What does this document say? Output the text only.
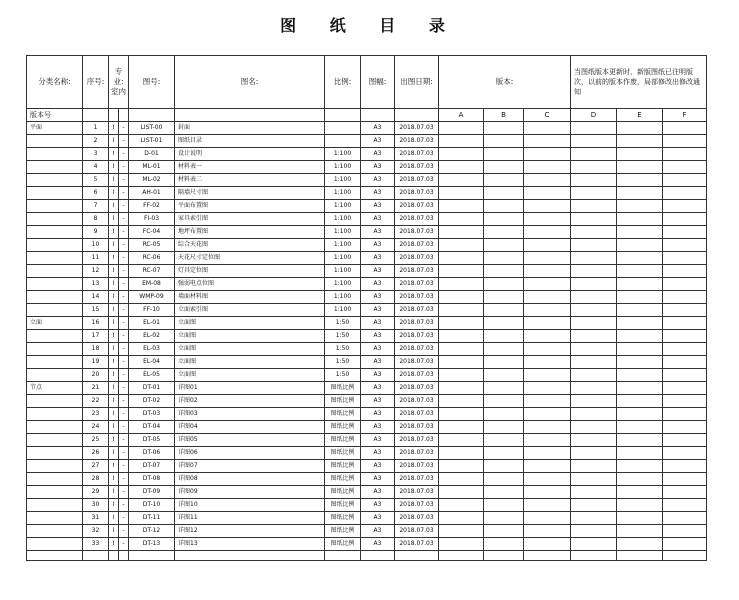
图 纸 目 录
分类名称:	序号:	专业:室内		图号:	图名:	比例:	图幅:	出图日期:	版本:			当图纸版本更新时，新版图纸已注明版次，以前的版本作废，局部修改出修改通知		
版本号									A	B	C	D	E	F
平面	1	I	-	LIST-00	封面		A3	2018.07.03						
	2	I	-	LIST-01	图纸目录		A3	2018.07.03						
	3	I	-	D-01	设计说明	1:100	A3	2018.07.03						
	4	I	-	ML-01	材料表一	1:100	A3	2018.07.03						
	5	I	-	ML-02	材料表二	1:100	A3	2018.07.03						
	6	I	-	AH-01	隔墙尺寸图	1:100	A3	2018.07.03						
	7	I	-	FF-02	平面布置图	1:100	A3	2018.07.03						
	8	I	-	FI-03	家具索引图	1:100	A3	2018.07.03						
	9	I	-	FC-04	地坪布置图	1:100	A3	2018.07.03						
	10	I	-	RC-05	综合天花图	1:100	A3	2018.07.03						
	11	I	-	RC-06	天花尺寸定位图	1:100	A3	2018.07.03						
	12	I	-	RC-07	灯具定位图	1:100	A3	2018.07.03						
	13	I	-	EM-08	强弱电点位图	1:100	A3	2018.07.03						
	14	I	-	WMP-09	墙面材料图	1:100	A3	2018.07.03						
	15	I	-	FF-10	立面索引图	1:100	A3	2018.07.03						
立面	16	I	-	EL-01	立面图	1:50	A3	2018.07.03						
	17	I	-	EL-02	立面图	1:50	A3	2018.07.03						
	18	I	-	EL-03	立面图	1:50	A3	2018.07.03						
	19	I	-	EL-04	立面图	1:50	A3	2018.07.03						
	20	I	-	EL-05	立面图	1:50	A3	2018.07.03						
节点	21	I	-	DT-01	详图01	图纸比例	A3	2018.07.03						
	22	I	-	DT-02	详图02	图纸比例	A3	2018.07.03						
	23	I	-	DT-03	详图03	图纸比例	A3	2018.07.03						
	24	I	-	DT-04	详图04	图纸比例	A3	2018.07.03						
	25	I	-	DT-05	详图05	图纸比例	A3	2018.07.03						
	26	I	-	DT-06	详图06	图纸比例	A3	2018.07.03						
	27	I	-	DT-07	详图07	图纸比例	A3	2018.07.03						
	28	I	-	DT-08	详图08	图纸比例	A3	2018.07.03						
	29	I	-	DT-09	详图09	图纸比例	A3	2018.07.03						
	30	I	-	DT-10	详图10	图纸比例	A3	2018.07.03						
	31	I	-	DT-11	详图11	图纸比例	A3	2018.07.03						
	32	I	-	DT-12	详图12	图纸比例	A3	2018.07.03						
	33	I	-	DT-13	详图13	图纸比例	A3	2018.07.03						
